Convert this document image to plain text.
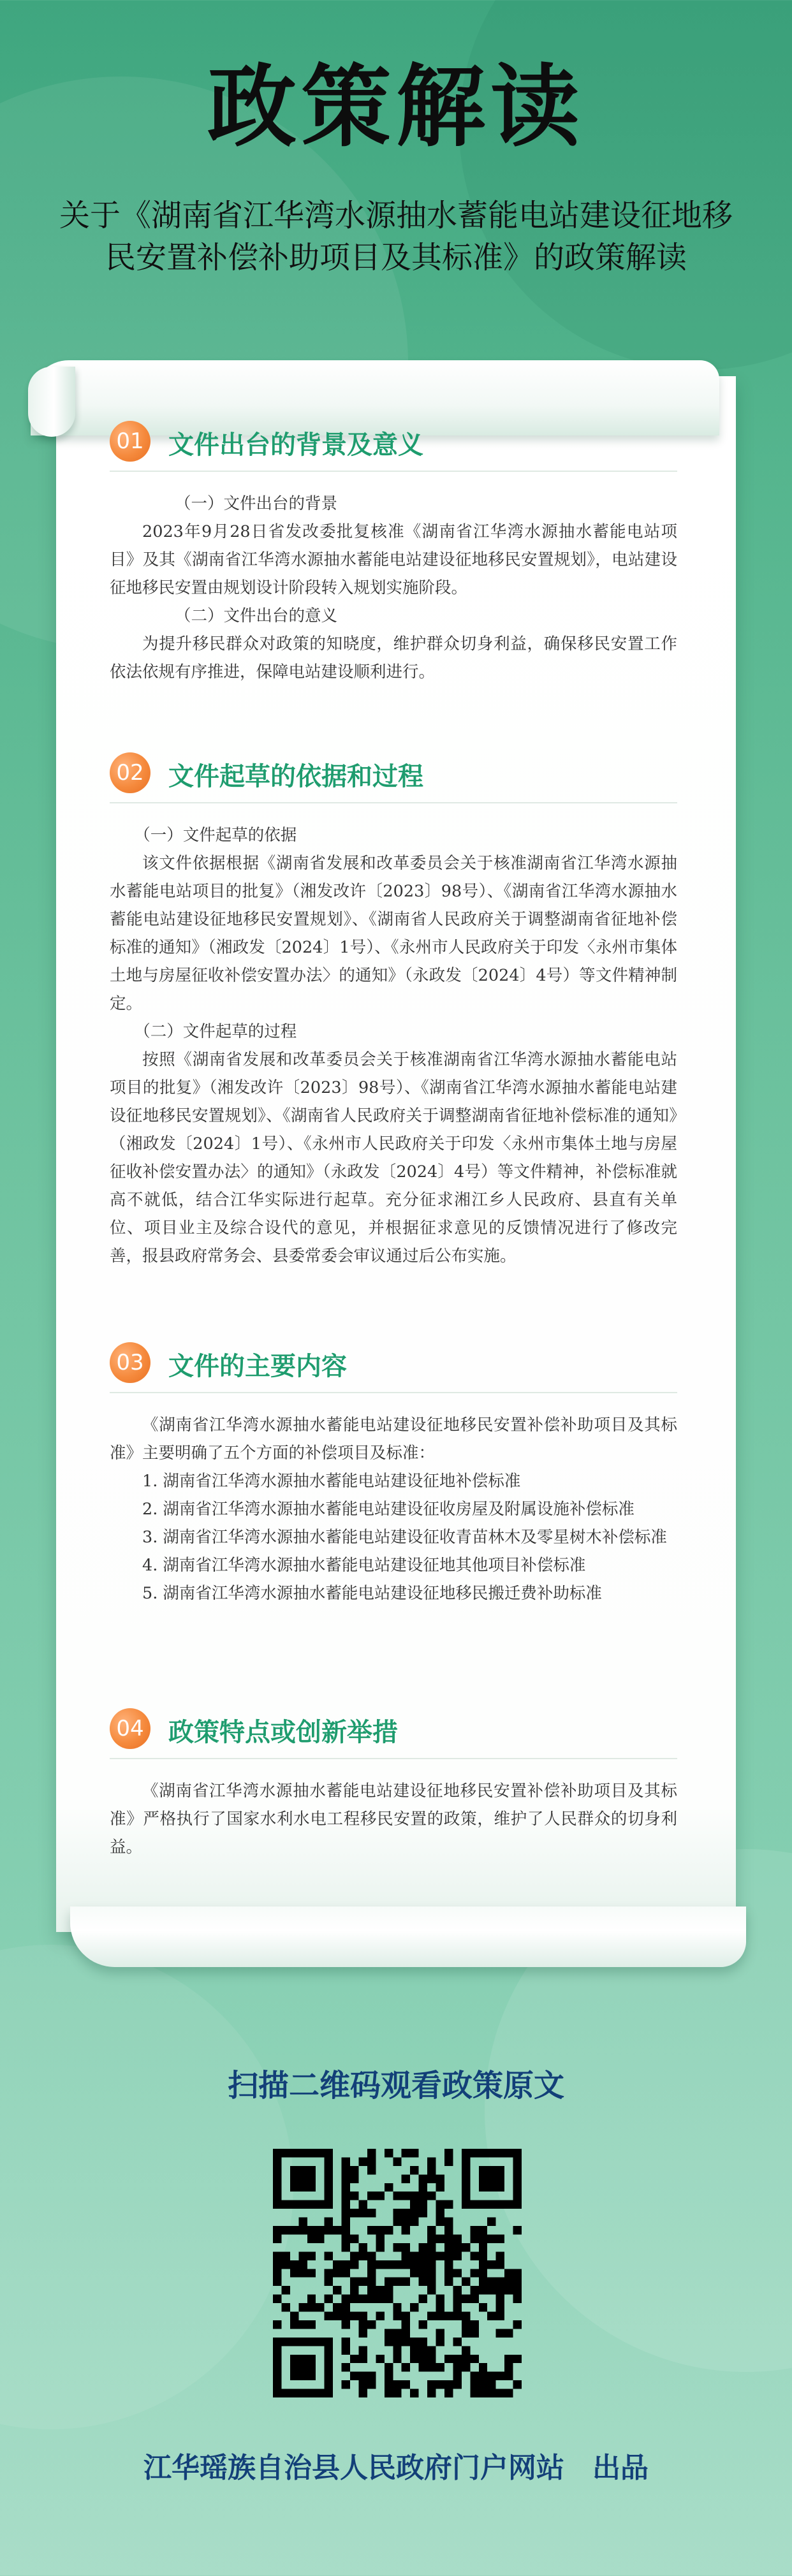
政策解读
关于《湖南省江华湾水源抽水蓄能电站建设征地移
民安置补偿补助项目及其标准》的政策解读
01 文件出台的背景及意义

（一）文件出台的背景

2023年9月28日省发改委批复核准《湖南省江华湾水源抽水蓄能电站项目》及其《湖南省江华湾水源抽水蓄能电站建设征地移民安置规划》，电站建设征地移民安置由规划设计阶段转入规划实施阶段。

（二）文件出台的意义

为提升移民群众对政策的知晓度，维护群众切身利益，确保移民安置工作依法依规有序推进，保障电站建设顺利进行。

02 文件起草的依据和过程

（一）文件起草的依据

该文件依据根据《湖南省发展和改革委员会关于核准湖南省江华湾水源抽水蓄能电站项目的批复》（湘发改许〔2023〕98号）、《湖南省江华湾水源抽水蓄能电站建设征地移民安置规划》、《湖南省人民政府关于调整湖南省征地补偿标准的通知》（湘政发〔2024〕1号）、《永州市人民政府关于印发〈永州市集体土地与房屋征收补偿安置办法〉的通知》（永政发〔2024〕4号）等文件精神制定。

（二）文件起草的过程

按照《湖南省发展和改革委员会关于核准湖南省江华湾水源抽水蓄能电站项目的批复》（湘发改许〔2023〕98号）、《湖南省江华湾水源抽水蓄能电站建设征地移民安置规划》、《湖南省人民政府关于调整湖南省征地补偿标准的通知》（湘政发〔2024〕1号）、《永州市人民政府关于印发〈永州市集体土地与房屋征收补偿安置办法〉的通知》（永政发〔2024〕4号）等文件精神，补偿标准就高不就低，结合江华实际进行起草。充分征求湘江乡人民政府、县直有关单位、项目业主及综合设代的意见，并根据征求意见的反馈情况进行了修改完善，报县政府常务会、县委常委会审议通过后公布实施。

03 文件的主要内容

《湖南省江华湾水源抽水蓄能电站建设征地移民安置补偿补助项目及其标准》主要明确了五个方面的补偿项目及标准：

1. 湖南省江华湾水源抽水蓄能电站建设征地补偿标准

2. 湖南省江华湾水源抽水蓄能电站建设征收房屋及附属设施补偿标准

3. 湖南省江华湾水源抽水蓄能电站建设征收青苗林木及零星树木补偿标准

4. 湖南省江华湾水源抽水蓄能电站建设征地其他项目补偿标准

5. 湖南省江华湾水源抽水蓄能电站建设征地移民搬迁费补助标准

04 政策特点或创新举措

《湖南省江华湾水源抽水蓄能电站建设征地移民安置补偿补助项目及其标准》严格执行了国家水利水电工程移民安置的政策，维护了人民群众的切身利益。

扫描二维码观看政策原文
江华瑶族自治县人民政府门户网站　出品
